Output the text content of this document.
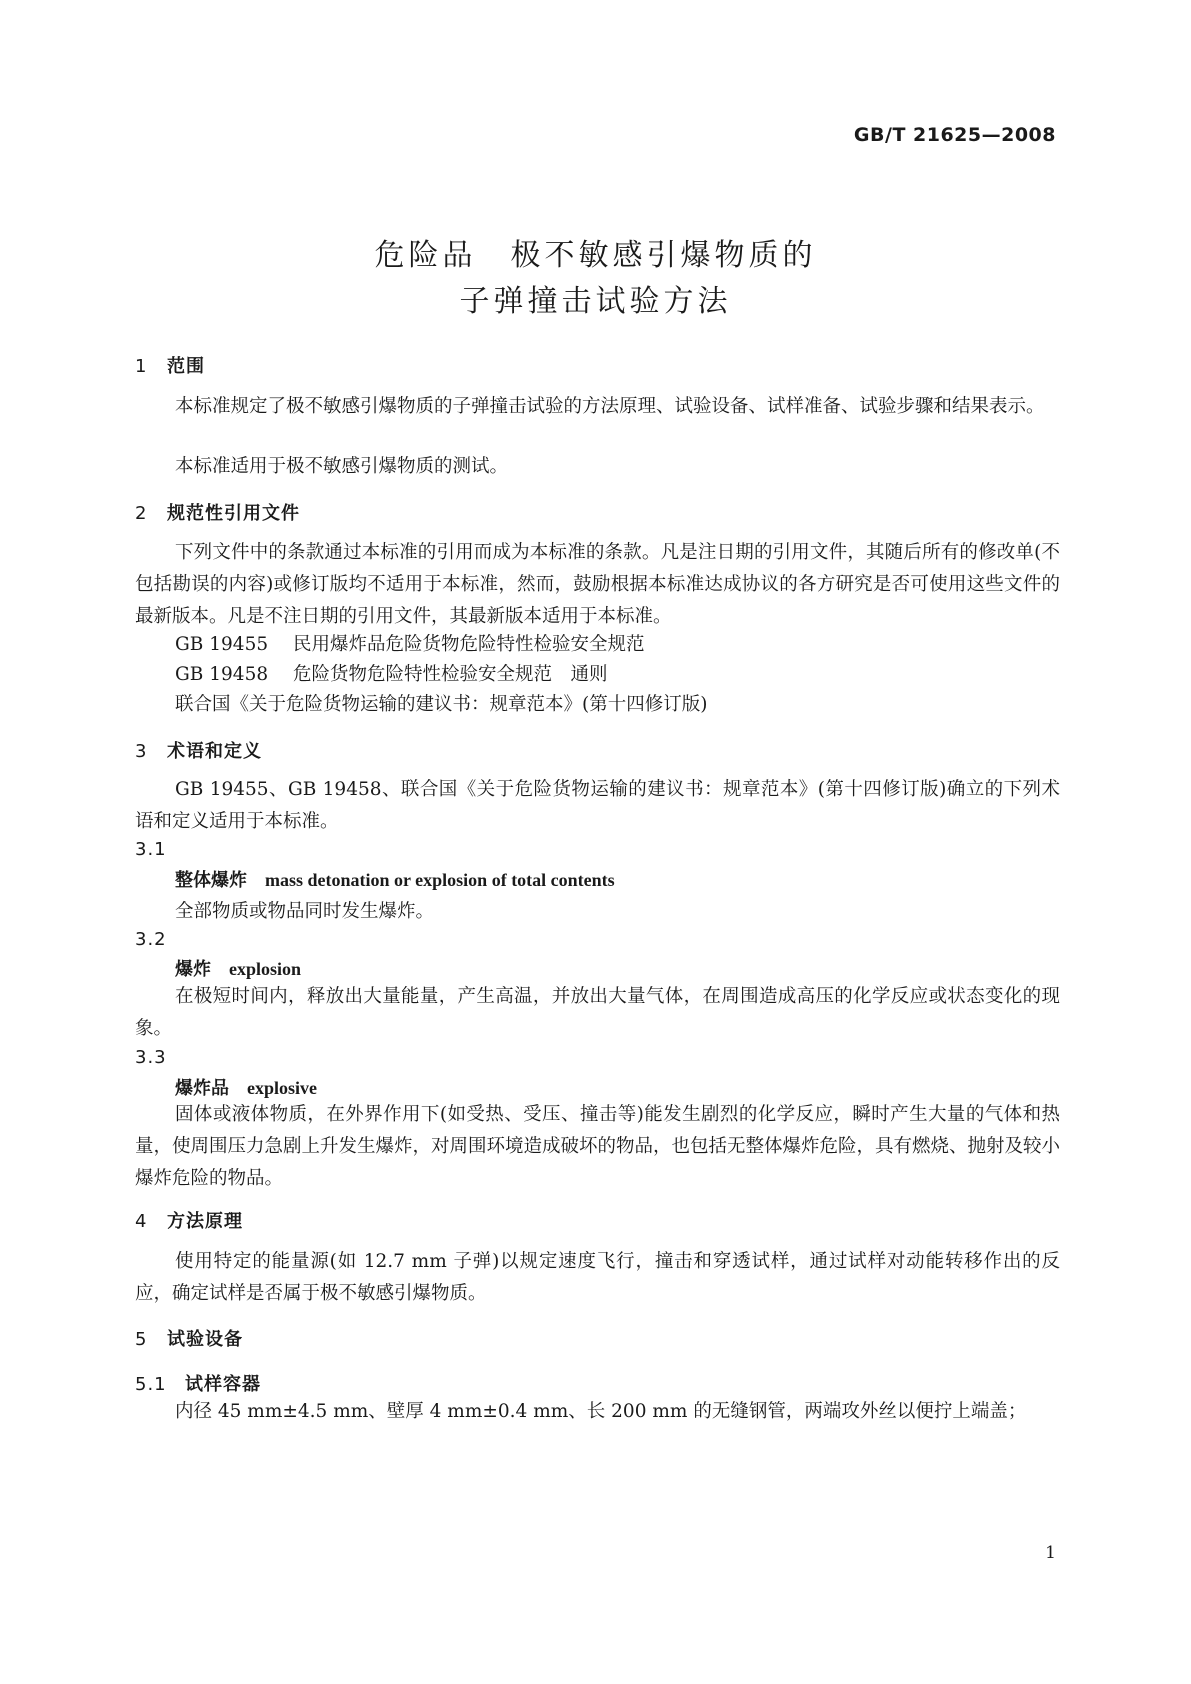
GB/T 21625—2008
危险品　极不敏感引爆物质的
子弹撞击试验方法
1 范围
本标准规定了极不敏感引爆物质的子弹撞击试验的方法原理、试验设备、试样准备、试验步骤和结果表示。
本标准适用于极不敏感引爆物质的测试。
2 规范性引用文件
下列文件中的条款通过本标准的引用而成为本标准的条款。凡是注日期的引用文件，其随后所有的修改单(不包括勘误的内容)或修订版均不适用于本标准，然而，鼓励根据本标准达成协议的各方研究是否可使用这些文件的最新版本。凡是不注日期的引用文件，其最新版本适用于本标准。
GB 19455 民用爆炸品危险货物危险特性检验安全规范
GB 19458 危险货物危险特性检验安全规范　通则
联合国《关于危险货物运输的建议书：规章范本》(第十四修订版)
3 术语和定义
GB 19455、GB 19458、联合国《关于危险货物运输的建议书：规章范本》(第十四修订版)确立的下列术语和定义适用于本标准。
3.1
整体爆炸 mass detonation or explosion of total contents
全部物质或物品同时发生爆炸。
3.2
爆炸 explosion
在极短时间内，释放出大量能量，产生高温，并放出大量气体，在周围造成高压的化学反应或状态变化的现象。
3.3
爆炸品 explosive
固体或液体物质，在外界作用下(如受热、受压、撞击等)能发生剧烈的化学反应，瞬时产生大量的气体和热量，使周围压力急剧上升发生爆炸，对周围环境造成破坏的物品，也包括无整体爆炸危险，具有燃烧、抛射及较小爆炸危险的物品。
4 方法原理
使用特定的能量源(如 12.7 mm 子弹)以规定速度飞行，撞击和穿透试样，通过试样对动能转移作出的反应，确定试样是否属于极不敏感引爆物质。
5 试验设备
5.1 试样容器
内径 45 mm±4.5 mm、壁厚 4 mm±0.4 mm、长 200 mm 的无缝钢管，两端攻外丝以便拧上端盖；
1
